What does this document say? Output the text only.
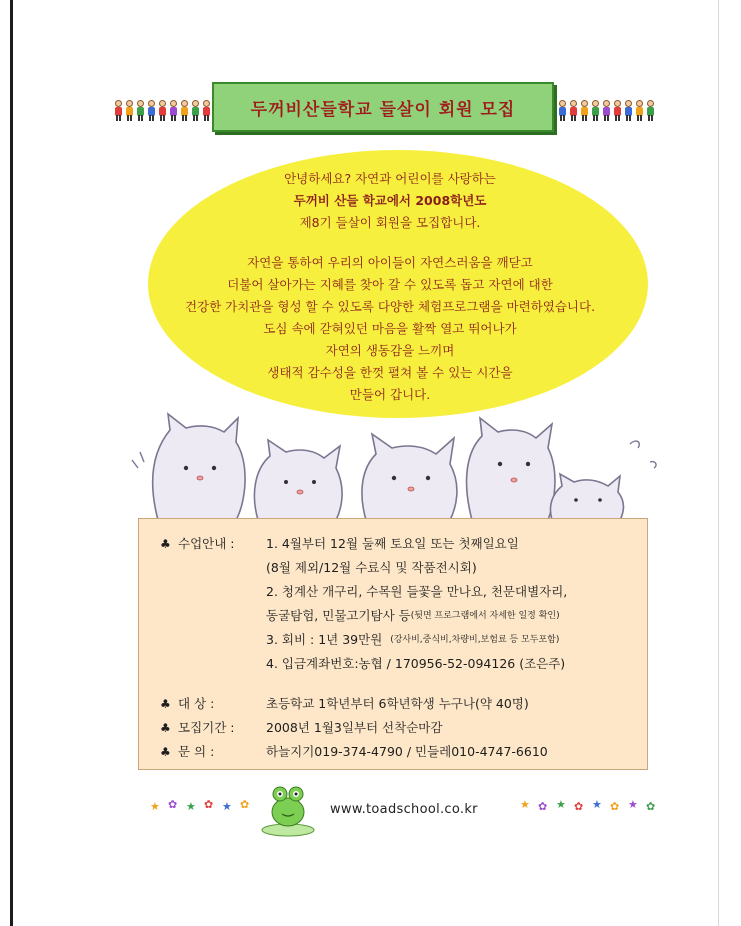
두꺼비산들학교 들살이 회원 모집

안녕하세요? 자연과 어린이를 사랑하는

두꺼비 산들 학교에서 2008학년도

제8기 들살이 회원을 모집합니다.

자연을 통하여 우리의 아이들이 자연스러움을 깨닫고

더불어 살아가는 지혜를 찾아 갈 수 있도록 돕고 자연에 대한

건강한 가치관을 형성 할 수 있도록 다양한 체험프로그램을 마련하였습니다.

도심 속에 갇혀있던 마음을 활짝 열고 뛰어나가

자연의 생동감을 느끼며

생태적 감수성을 한껏 펼쳐 볼 수 있는 시간을

만들어 갑니다.

♣ 수업안내 :	1. 4월부터 12월 둘째 토요일 또는 첫째일요일
(8월 제외/12월 수료식 및 작품전시회)
2. 청계산 개구리, 수목원 들꽃을 만나요, 천문대별자리,
동굴탐험, 민물고기탐사 등 (뒷면 프로그램에서 자세한 일정 확인)
3. 회비 : 1년 39만원
(강사비,중식비,차량비,보험료 등 모두포함)
4. 입금계좌번호:농협 / 170956-52-094126 (조은주)
♣ 대 상 :	초등학교 1학년부터 6학년학생 누구나(약 40명)
♣ 모집기간 :	2008년 1월3일부터 선착순마감
♣ 문 의 :	하늘지기019-374-4790 / 민들레010-4747-6610
★ ✿ ★ ✿ ★ ✿	★ ✿ ★ ✿ ★ ✿ ★ ✿
www.toadschool.co.kr
